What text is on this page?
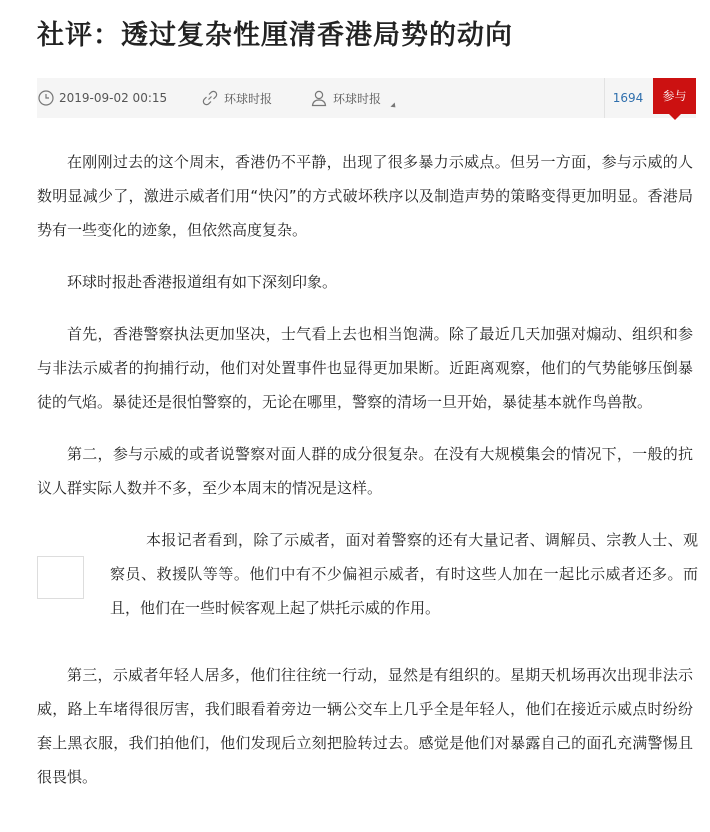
社评：透过复杂性厘清香港局势的动向
2019-09-02 00:15	环球时报	环球时报	1694	参与

在刚刚过去的这个周末，香港仍不平静，出现了很多暴力示威点。但另一方面，参与示威的人数明显减少了，激进示威者们用“快闪”的方式破坏秩序以及制造声势的策略变得更加明显。香港局势有一些变化的迹象，但依然高度复杂。

环球时报赴香港报道组有如下深刻印象。

首先，香港警察执法更加坚决，士气看上去也相当饱满。除了最近几天加强对煽动、组织和参与非法示威者的拘捕行动，他们对处置事件也显得更加果断。近距离观察，他们的气势能够压倒暴徒的气焰。暴徒还是很怕警察的，无论在哪里，警察的清场一旦开始，暴徒基本就作鸟兽散。

第二，参与示威的或者说警察对面人群的成分很复杂。在没有大规模集会的情况下，一般的抗议人群实际人数并不多，至少本周末的情况是这样。

本报记者看到，除了示威者，面对着警察的还有大量记者、调解员、宗教人士、观察员、救援队等等。他们中有不少偏袒示威者，有时这些人加在一起比示威者还多。而且，他们在一些时候客观上起了烘托示威的作用。

第三，示威者年轻人居多，他们往往统一行动，显然是有组织的。星期天机场再次出现非法示威，路上车堵得很厉害，我们眼看着旁边一辆公交车上几乎全是年轻人，他们在接近示威点时纷纷套上黑衣服，我们拍他们，他们发现后立刻把脸转过去。感觉是他们对暴露自己的面孔充满警惕且很畏惧。
